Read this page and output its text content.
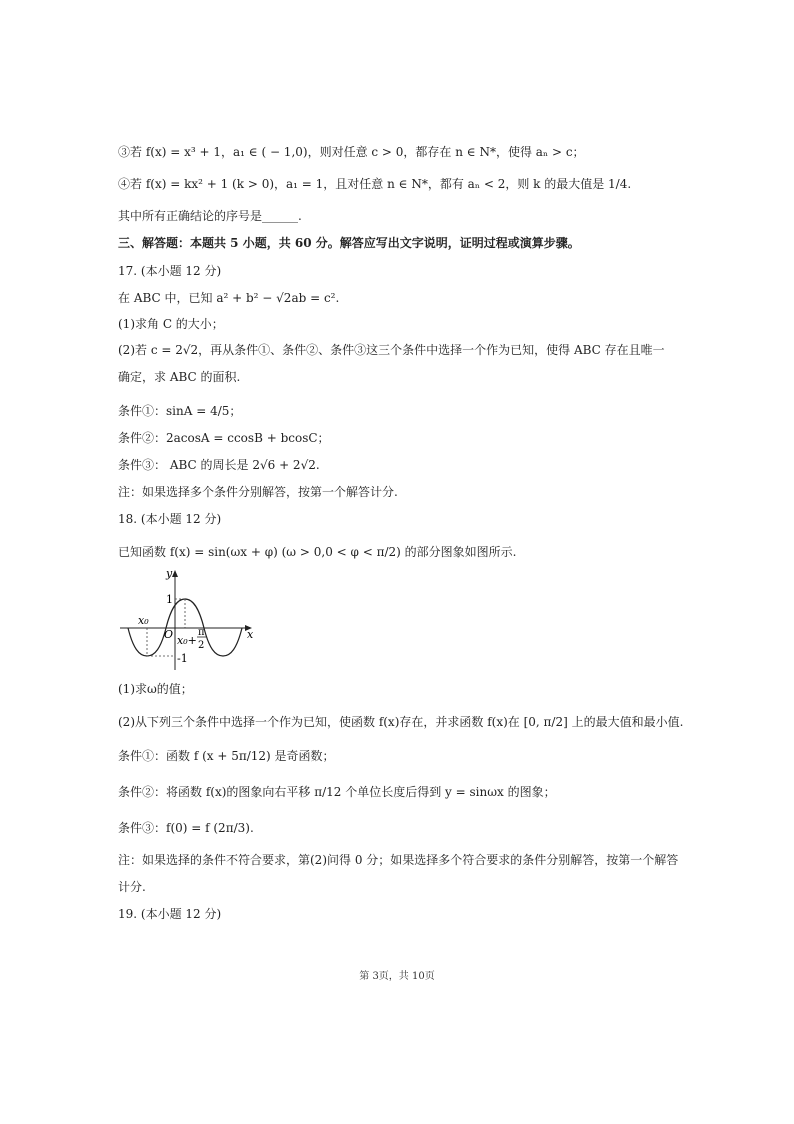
③若 f(x) = x³ + 1，a₁ ∈ ( − 1,0)，则对任意 c > 0，都存在 n ∈ N*，使得 aₙ > c；
④若 f(x) = kx² + 1 (k > 0)，a₁ = 1，且对任意 n ∈ N*，都有 aₙ < 2，则 k 的最大值是 1/4.
其中所有正确结论的序号是______.
三、解答题：本题共 5 小题，共 60 分。解答应写出文字说明，证明过程或演算步骤。
17. (本小题 12 分)
在 ABC 中，已知 a² + b² − √2ab = c².
(1)求角 C 的大小；
(2)若 c = 2√2，再从条件①、条件②、条件③这三个条件中选择一个作为已知，使得 ABC 存在且唯一
确定，求 ABC 的面积.
条件①：sinA = 4/5；
条件②：2acosA = ccosB + bcosC；
条件③： ABC 的周长是 2√6 + 2√2.
注：如果选择多个条件分别解答，按第一个解答计分.
18. (本小题 12 分)
已知函数 f(x) = sin(ωx + φ) (ω > 0,0 < φ < π/2) 的部分图象如图所示.
y
x
O
1
-1
x₀
x₀+
π
2
(1)求ω的值；
(2)从下列三个条件中选择一个作为已知，使函数 f(x)存在，并求函数 f(x)在 [0, π/2] 上的最大值和最小值.
条件①：函数 f (x + 5π/12) 是奇函数；
条件②：将函数 f(x)的图象向右平移 π/12 个单位长度后得到 y = sinωx 的图象；
条件③：f(0) = f (2π/3).
注：如果选择的条件不符合要求，第(2)问得 0 分；如果选择多个符合要求的条件分别解答，按第一个解答
计分.
19. (本小题 12 分)
第 3页，共 10页
